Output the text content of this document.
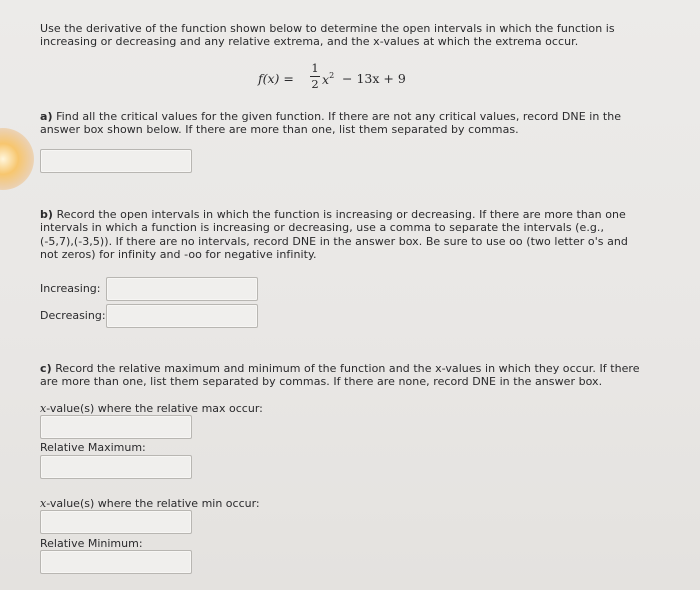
Use the derivative of the function shown below to determine the open intervals in which the function is
increasing or decreasing and any relative extrema, and the x-values at which the extrema occur.
f(x) =
1
2 $x^2 - 13x + 9$
a) Find all the critical values for the given function. If there are not any critical values, record DNE in the
answer box shown below. If there are more than one, list them separated by commas.
b) Record the open intervals in which the function is increasing or decreasing. If there are more than one
intervals in which a function is increasing or decreasing, use a comma to separate the intervals (e.g.,
(-5,7),(-3,5)). If there are no intervals, record DNE in the answer box. Be sure to use oo (two letter o's and
not zeros) for infinity and -oo for negative infinity.
Increasing:
Decreasing:
c) Record the relative maximum and minimum of the function and the x-values in which they occur. If there
are more than one, list them separated by commas. If there are none, record DNE in the answer box.
x-value(s) where the relative max occur:
Relative Maximum:
x-value(s) where the relative min occur:
Relative Minimum:
